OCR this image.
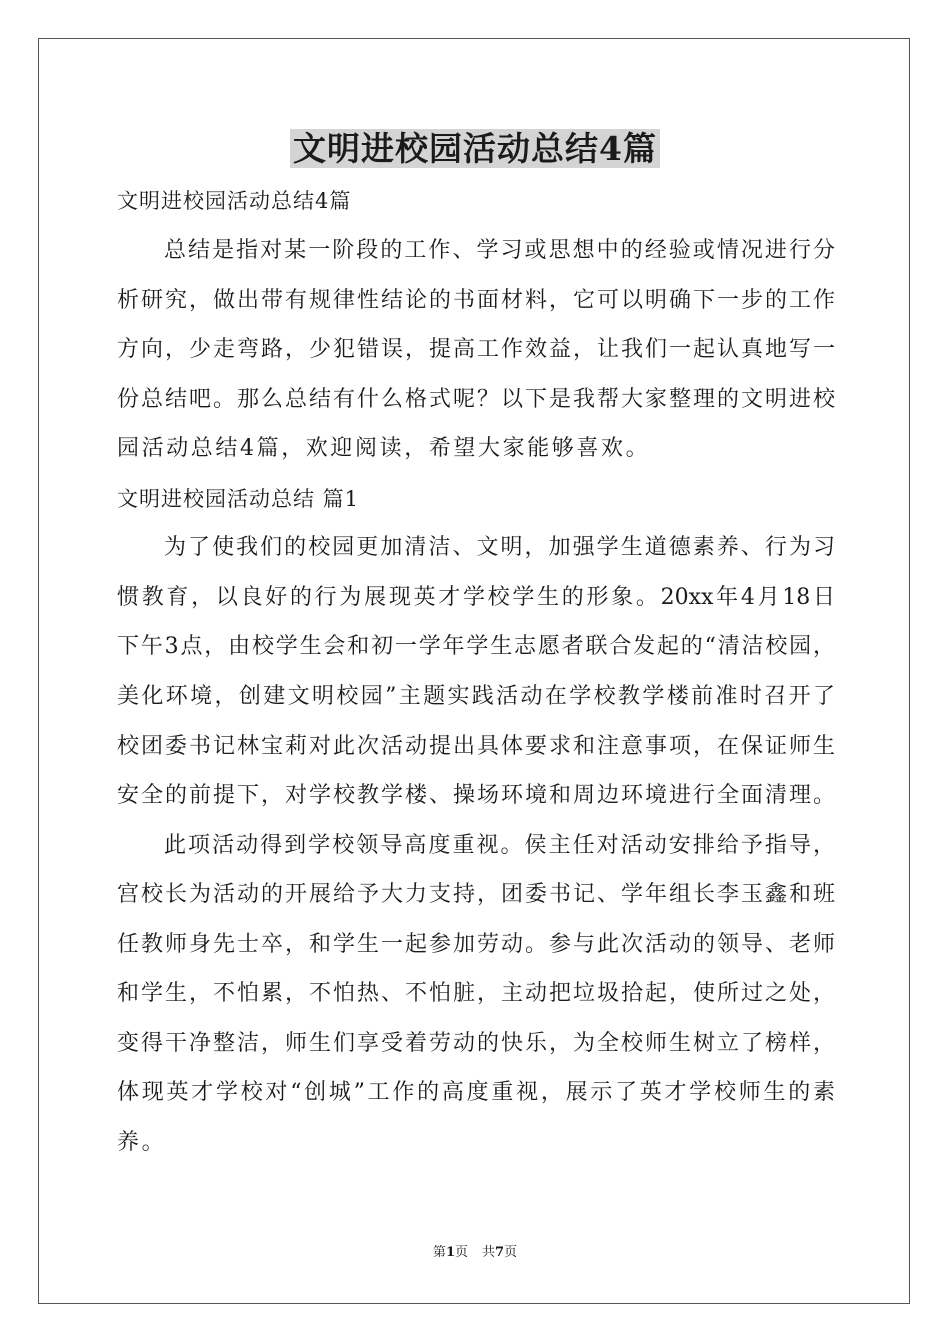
文明进校园活动总结4篇
文明进校园活动总结4篇
总结是指对某一阶段的工作、学习或思想中的经验或情况进行分
析研究，做出带有规律性结论的书面材料，它可以明确下一步的工作
方向，少走弯路，少犯错误，提高工作效益，让我们一起认真地写一
份总结吧。那么总结有什么格式呢？以下是我帮大家整理的文明进校
园活动总结4篇，欢迎阅读，希望大家能够喜欢。
文明进校园活动总结 篇1
为了使我们的校园更加清洁、文明，加强学生道德素养、行为习
惯教育，以良好的行为展现英才学校学生的形象。20xx年4月18日
下午3点，由校学生会和初一学年学生志愿者联合发起的“清洁校园，
美化环境，创建文明校园”主题实践活动在学校教学楼前准时召开了
校团委书记林宝莉对此次活动提出具体要求和注意事项，在保证师生
安全的前提下，对学校教学楼、操场环境和周边环境进行全面清理。
此项活动得到学校领导高度重视。侯主任对活动安排给予指导，
宫校长为活动的开展给予大力支持，团委书记、学年组长李玉鑫和班
任教师身先士卒，和学生一起参加劳动。参与此次活动的领导、老师
和学生，不怕累，不怕热、不怕脏，主动把垃圾拾起，使所过之处，
变得干净整洁，师生们享受着劳动的快乐，为全校师生树立了榜样，
体现英才学校对“创城”工作的高度重视，展示了英才学校师生的素
养。
第1页 共7页
